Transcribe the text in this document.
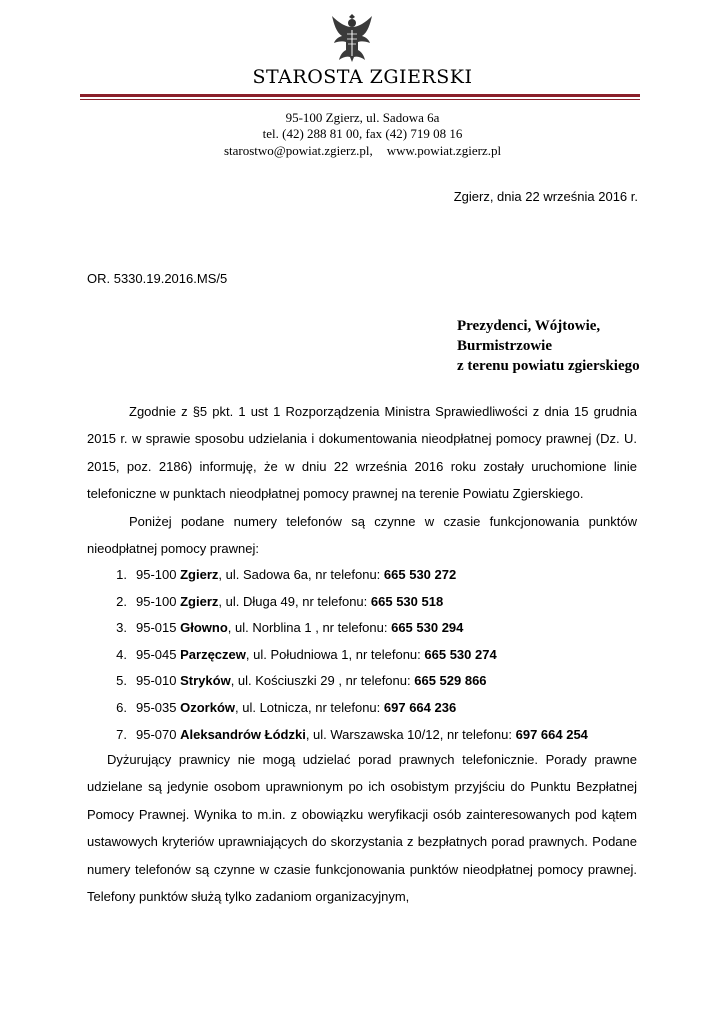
STAROSTA ZGIERSKI
95-100 Zgierz, ul. Sadowa 6a
tel. (42) 288 81 00, fax (42) 719 08 16
starostwo@powiat.zgierz.pl, www.powiat.zgierz.pl
Zgierz, dnia 22 września 2016 r.
OR. 5330.19.2016.MS/5
Prezydenci, Wójtowie,
Burmistrzowie
z terenu powiatu zgierskiego
Zgodnie z §5 pkt. 1 ust 1 Rozporządzenia Ministra Sprawiedliwości z dnia 15 grudnia 2015 r. w sprawie sposobu udzielania i dokumentowania nieodpłatnej pomocy prawnej (Dz. U. 2015, poz. 2186) informuję, że w dniu 22 września 2016 roku zostały uruchomione linie telefoniczne w punktach nieodpłatnej pomocy prawnej na terenie Powiatu Zgierskiego.
Poniżej podane numery telefonów są czynne w czasie funkcjonowania punktów nieodpłatnej pomocy prawnej:
1. 95-100 Zgierz, ul. Sadowa 6a, nr telefonu: 665 530 272
2. 95-100 Zgierz, ul. Długa 49, nr telefonu: 665 530 518
3. 95-015 Głowno, ul. Norblina 1 , nr telefonu: 665 530 294
4. 95-045 Parzęczew, ul. Południowa 1, nr telefonu: 665 530 274
5. 95-010 Stryków, ul. Kościuszki 29 , nr telefonu: 665 529 866
6. 95-035 Ozorków, ul. Lotnicza, nr telefonu: 697 664 236
7. 95-070 Aleksandrów Łódzki, ul. Warszawska 10/12, nr telefonu: 697 664 254
Dyżurujący prawnicy nie mogą udzielać porad prawnych telefonicznie. Porady prawne udzielane są jedynie osobom uprawnionym po ich osobistym przyjściu do Punktu Bezpłatnej Pomocy Prawnej. Wynika to m.in. z obowiązku weryfikacji osób zainteresowanych pod kątem ustawowych kryteriów uprawniających do skorzystania z bezpłatnych porad prawnych. Podane numery telefonów są czynne w czasie funkcjonowania punktów nieodpłatnej pomocy prawnej. Telefony punktów służą tylko zadaniom organizacyjnym,
